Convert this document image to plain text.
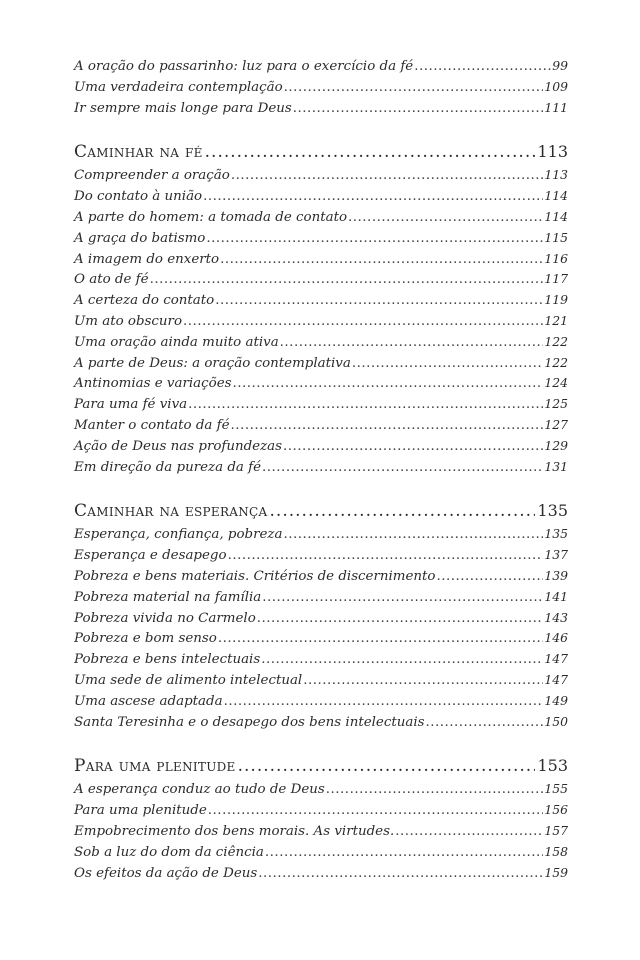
A oração do passarinho: luz para o exercício da fé .....	99
Uma verdadeira contemplação .....	109
Ir sempre mais longe para Deus .....	111
Caminhar na fé .....	113
Compreender a oração .....	113
Do contato à união .....	114
A parte do homem: a tomada de contato .....	114
A graça do batismo .....	115
A imagem do enxerto .....	116
O ato de fé .....	117
A certeza do contato .....	119
Um ato obscuro .....	121
Uma oração ainda muito ativa .....	122
A parte de Deus: a oração contemplativa .....	122
Antinomias e variações .....	124
Para uma fé viva .....	125
Manter o contato da fé .....	127
Ação de Deus nas profundezas .....	129
Em direção da pureza da fé .....	131
Caminhar na esperança .....	135
Esperança, confiança, pobreza .....	135
Esperança e desapego .....	137
Pobreza e bens materiais. Critérios de discernimento .....	139
Pobreza material na família .....	141
Pobreza vivida no Carmelo .....	143
Pobreza e bom senso .....	146
Pobreza e bens intelectuais .....	147
Uma sede de alimento intelectual .....	147
Uma ascese adaptada .....	149
Santa Teresinha e o desapego dos bens intelectuais .....	150
Para uma plenitude .....	153
A esperança conduz ao tudo de Deus .....	155
Para uma plenitude .....	156
Empobrecimento dos bens morais. As virtudes. .....	157
Sob a luz do dom da ciência .....	158
Os efeitos da ação de Deus .....	159
